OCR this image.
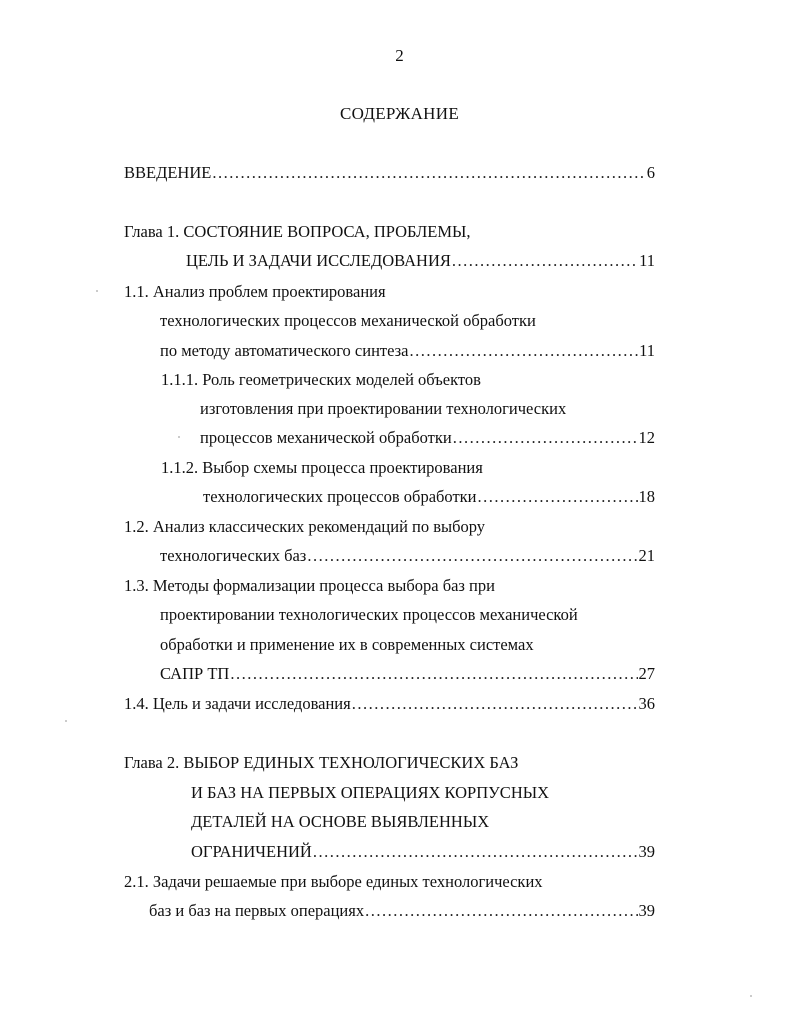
2
СОДЕРЖАНИЕ
ВВЕДЕНИЕ .....	6
Глава 1. СОСТОЯНИЕ ВОПРОСА, ПРОБЛЕМЫ,
ЦЕЛЬ И ЗАДАЧИ ИССЛЕДОВАНИЯ .....	11
1.1. Анализ проблем проектирования
технологических процессов механической обработки
по методу автоматического синтеза .....	11
1.1.1. Роль геометрических моделей объектов
изготовления при проектировании технологических
процессов механической обработки .....	12
1.1.2. Выбор схемы процесса проектирования
технологических процессов обработки .....	18
1.2. Анализ классических рекомендаций по выбору
технологических баз .....	21
1.3. Методы формализации процесса выбора баз при
проектировании технологических процессов механической
обработки и применение их в современных системах
САПР ТП .....	27
1.4. Цель и задачи исследования .....	36
Глава 2. ВЫБОР ЕДИНЫХ ТЕХНОЛОГИЧЕСКИХ БАЗ
И БАЗ НА ПЕРВЫХ ОПЕРАЦИЯХ КОРПУСНЫХ
ДЕТАЛЕЙ НА ОСНОВЕ ВЫЯВЛЕННЫХ
ОГРАНИЧЕНИЙ .....	39
2.1. Задачи решаемые при выборе единых технологических
баз и баз на первых операциях .....	39
